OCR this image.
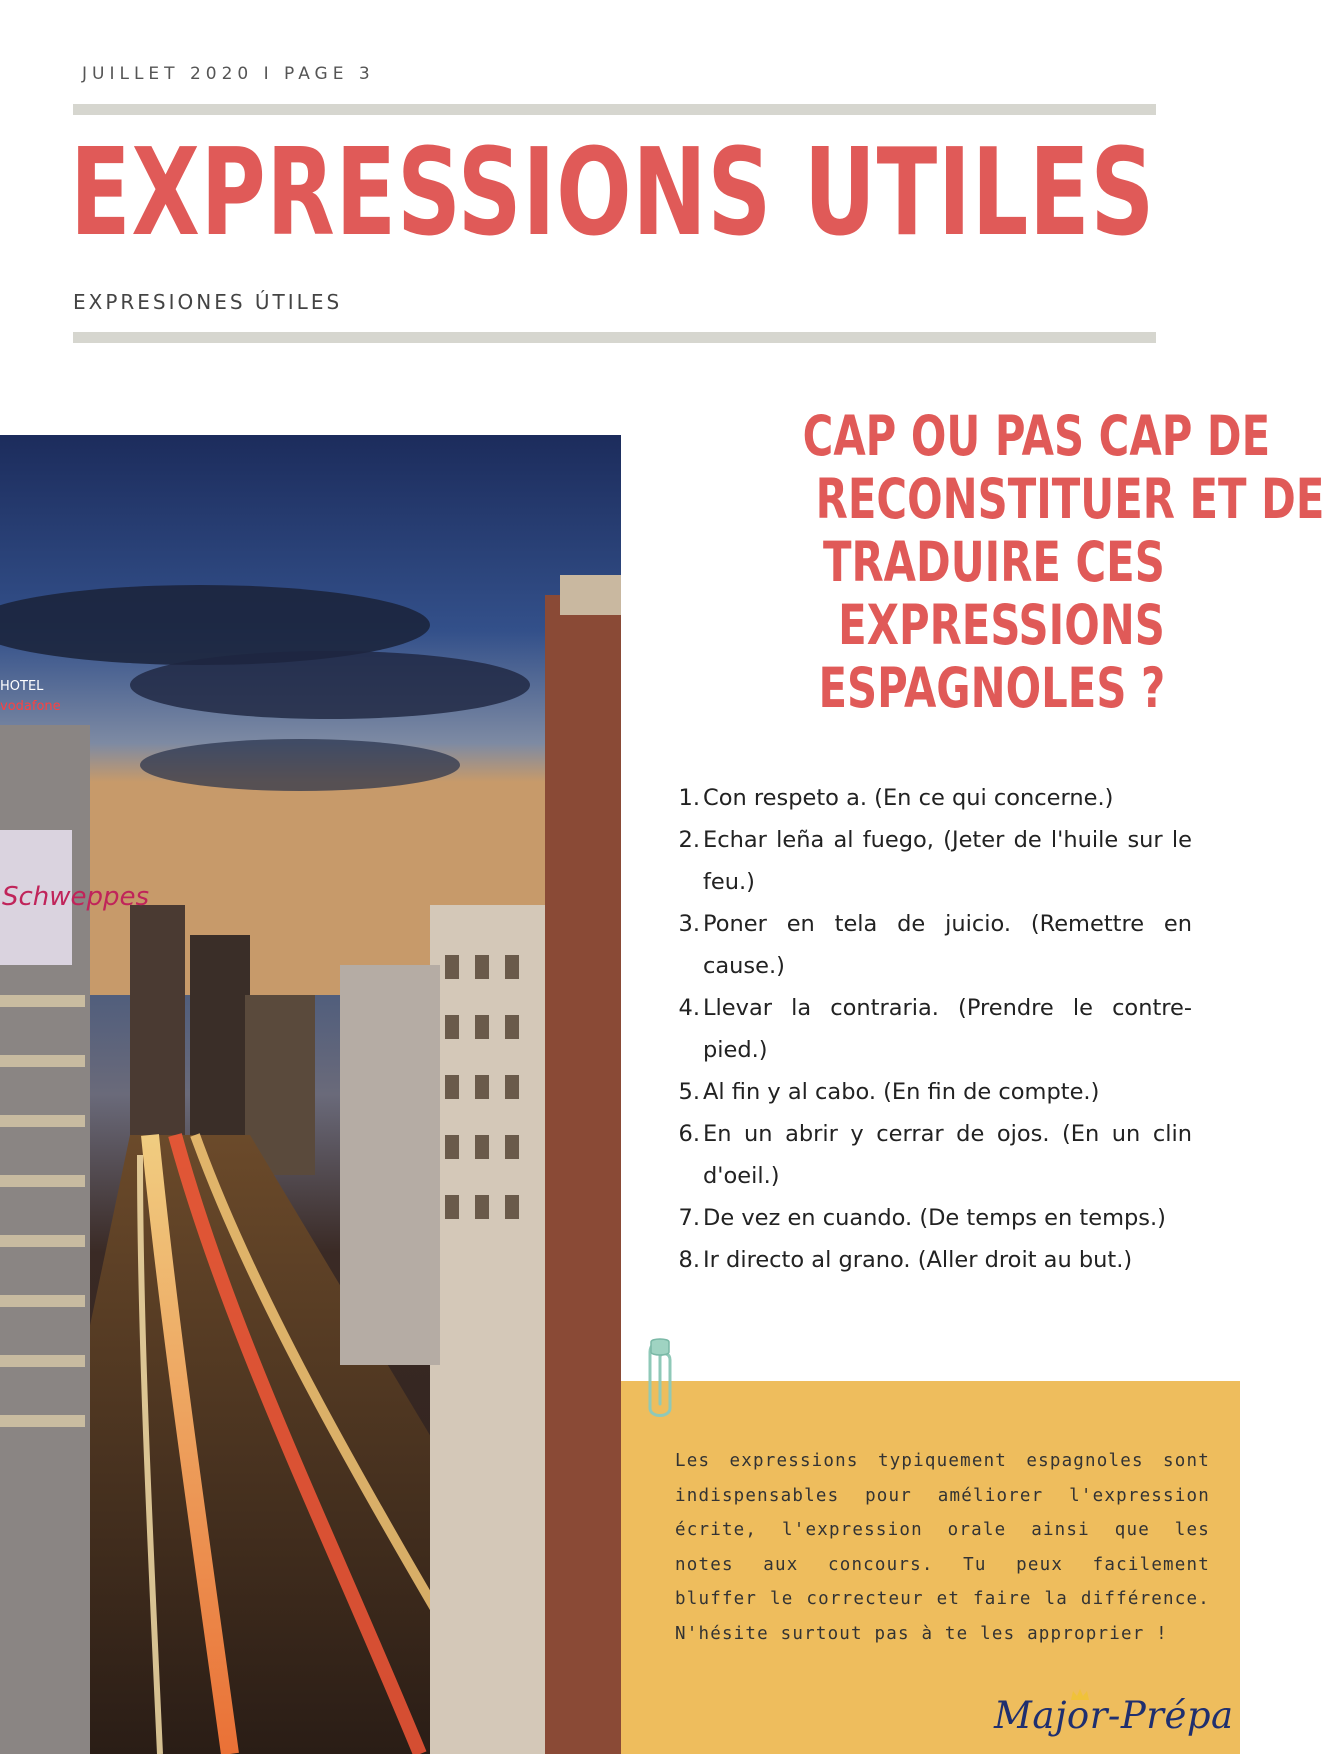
JUILLET 2020 I PAGE 3
EXPRESSIONS UTILES
EXPRESIONES ÚTILES
Schweppes
HOTEL
vodafone
CAP OU PAS CAP DE
RECONSTITUER ET DE
TRADUIRE CES
EXPRESSIONS
ESPAGNOLES ?
1. Con respeto a. (En ce qui concerne.)
2. Echar leña al fuego, (Jeter de l'huile sur le feu.)
3. Poner en tela de juicio. (Remettre en cause.)
4. Llevar la contraria. (Prendre le contre-pied.)
5. Al fin y al cabo. (En fin de compte.)
6. En un abrir y cerrar de ojos. (En un clin d'oeil.)
7. De vez en cuando. (De temps en temps.)
8. Ir directo al grano. (Aller droit au but.)
Les expressions typiquement espagnoles sont indispensables pour améliorer l'expression écrite, l'expression orale ainsi que les notes aux concours. Tu peux facilement bluffer le correcteur et faire la différence. N'hésite surtout pas à te les approprier !
Major-Prépa
